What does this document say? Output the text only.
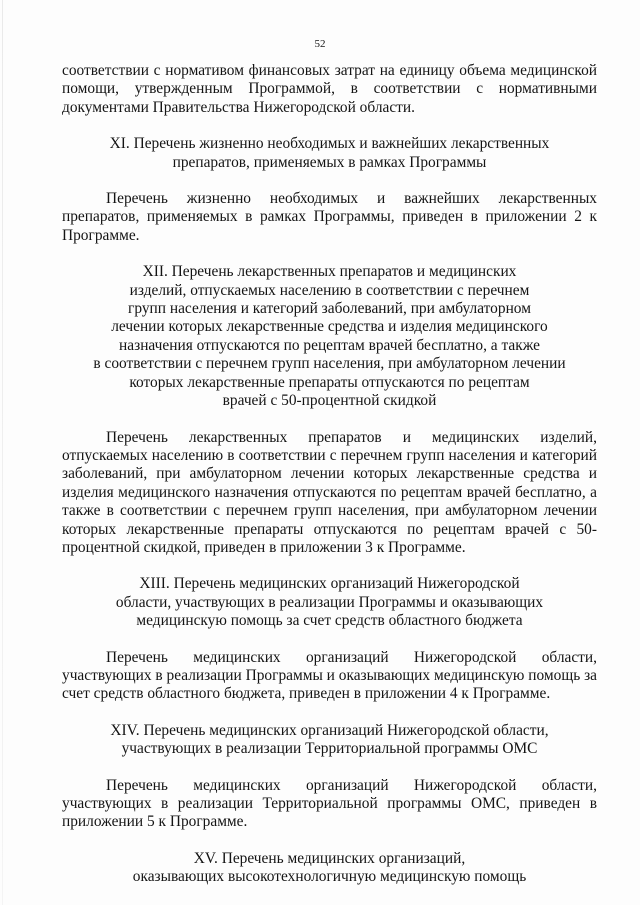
52

соответствии с нормативом финансовых затрат на единицу объема медицинской помощи, утвержденным Программой, в соответствии с нормативными документами Правительства Нижегородской области.

XI. Перечень жизненно необходимых и важнейших лекарственных
препаратов, применяемых в рамках Программы

Перечень жизненно необходимых и важнейших лекарственных препаратов, применяемых в рамках Программы, приведен в приложении 2 к Программе.

XII. Перечень лекарственных препаратов и медицинских
изделий, отпускаемых населению в соответствии с перечнем
групп населения и категорий заболеваний, при амбулаторном
лечении которых лекарственные средства и изделия медицинского
назначения отпускаются по рецептам врачей бесплатно, а также
в соответствии с перечнем групп населения, при амбулаторном лечении
которых лекарственные препараты отпускаются по рецептам
врачей с 50-процентной скидкой

Перечень лекарственных препаратов и медицинских изделий, отпускаемых населению в соответствии с перечнем групп населения и категорий заболеваний, при амбулаторном лечении которых лекарственные средства и изделия медицинского назначения отпускаются по рецептам врачей бесплатно, а также в соответствии с перечнем групп населения, при амбулаторном лечении которых лекарственные препараты отпускаются по рецептам врачей с 50-процентной скидкой, приведен в приложении 3 к Программе.

XIII. Перечень медицинских организаций Нижегородской
области, участвующих в реализации Программы и оказывающих
медицинскую помощь за счет средств областного бюджета

Перечень медицинских организаций Нижегородской области, участвующих в реализации Программы и оказывающих медицинскую помощь за счет средств областного бюджета, приведен в приложении 4 к Программе.

XIV. Перечень медицинских организаций Нижегородской области,
участвующих в реализации Территориальной программы ОМС

Перечень медицинских организаций Нижегородской области, участвующих в реализации Территориальной программы ОМС, приведен в приложении 5 к Программе.

XV. Перечень медицинских организаций,
оказывающих высокотехнологичную медицинскую помощь
